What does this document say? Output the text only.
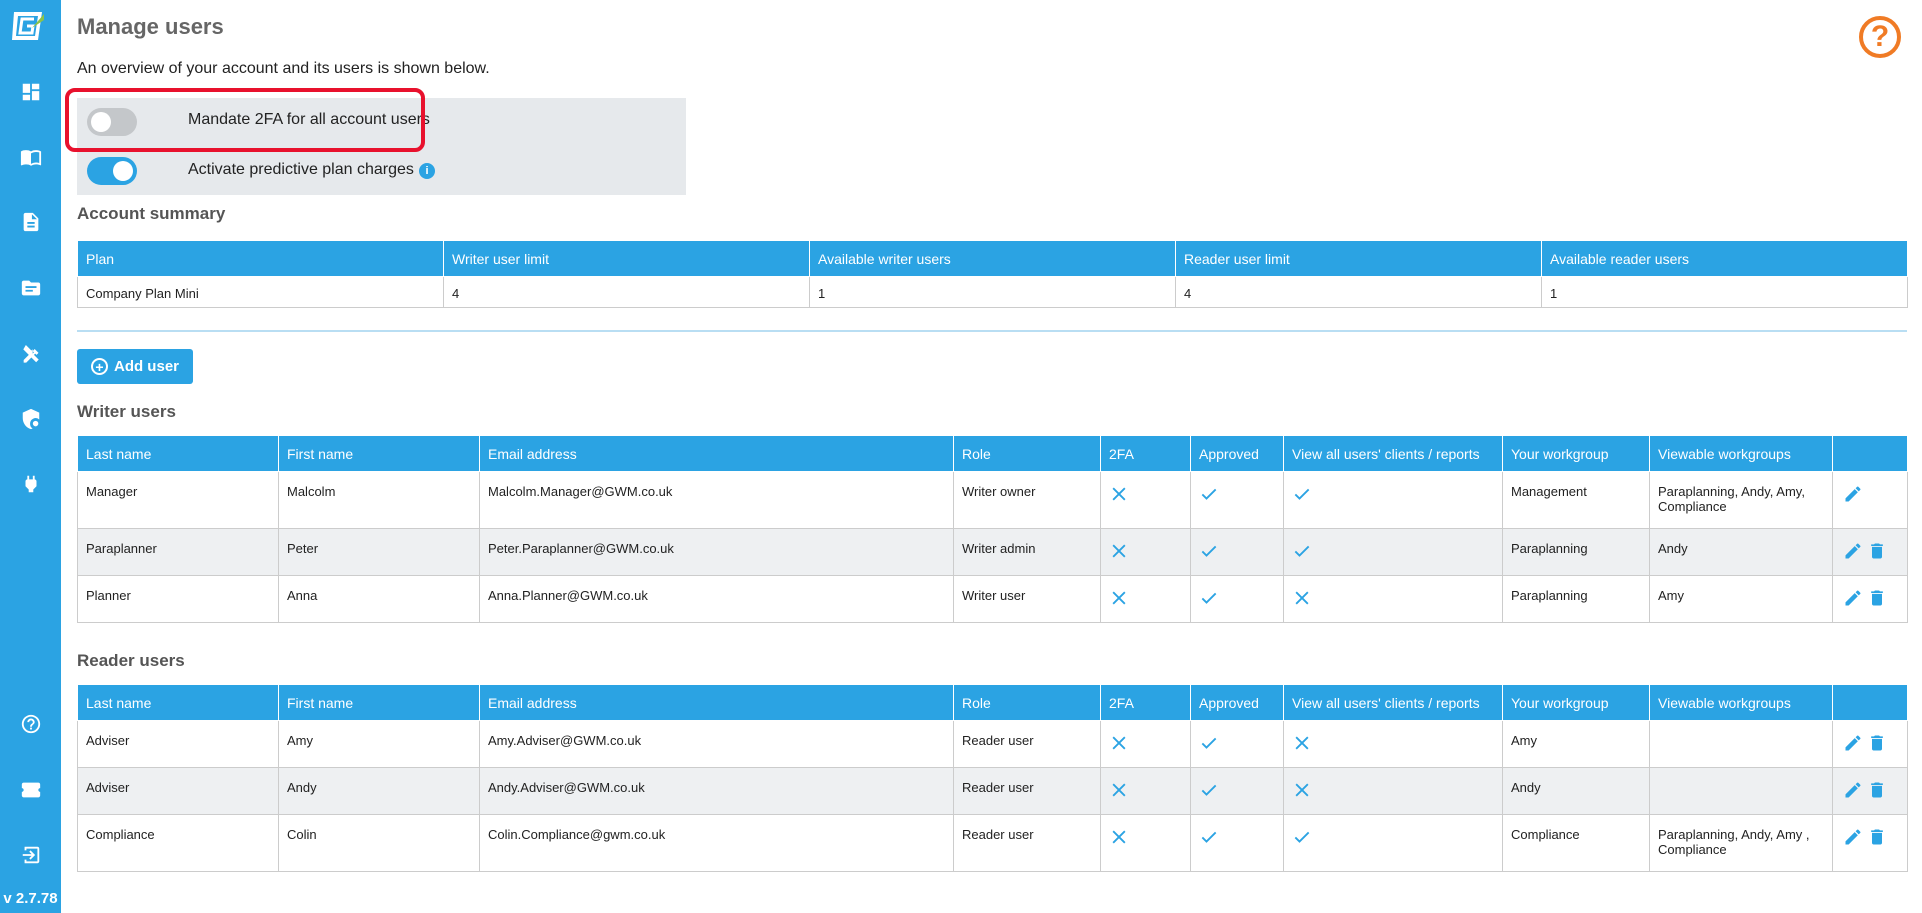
v 2.7.78
Manage users
An overview of your account and its users is shown below.
?
Mandate 2FA for all account users
Activate predictive plan charges	i
Account summary
Plan	Writer user limit	Available writer users	Reader user limit	Available reader users
Company Plan Mini	4	1	4	1
+ Add user
Writer users
Last name	First name	Email address	Role	2FA	Approved	View all users' clients / reports	Your workgroup	Viewable workgroups	
Manager	Malcolm	Malcolm.Manager@GWM.co.uk	Writer owner				Management	Paraplanning, Andy, Amy, Compliance	
Paraplanner	Peter	Peter.Paraplanner@GWM.co.uk	Writer admin				Paraplanning	Andy	
Planner	Anna	Anna.Planner@GWM.co.uk	Writer user				Paraplanning	Amy	
Reader users
Last name	First name	Email address	Role	2FA	Approved	View all users' clients / reports	Your workgroup	Viewable workgroups	
Adviser	Amy	Amy.Adviser@GWM.co.uk	Reader user				Amy		
Adviser	Andy	Andy.Adviser@GWM.co.uk	Reader user				Andy		
Compliance	Colin	Colin.Compliance@gwm.co.uk	Reader user				Compliance	Paraplanning, Andy, Amy , Compliance	
